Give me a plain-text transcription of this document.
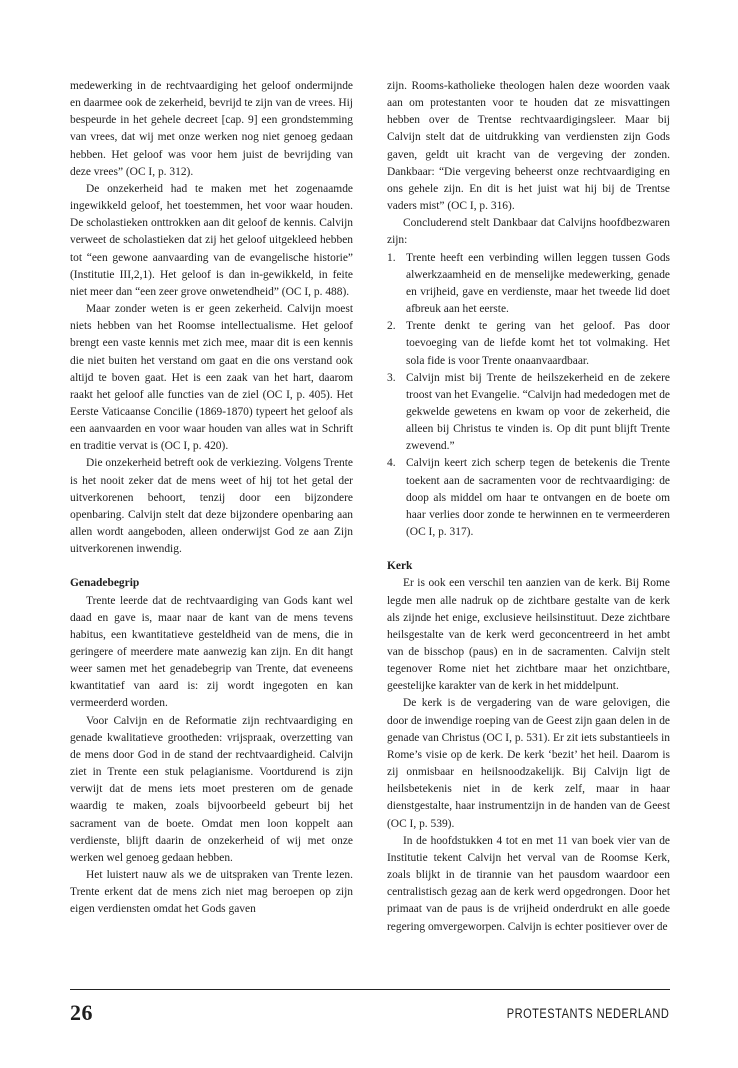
medewerking in de rechtvaardiging het geloof ondermijnde en daarmee ook de zekerheid, bevrijd te zijn van de vrees. Hij bespeurde in het gehele decreet [cap. 9] een grondstemming van vrees, dat wij met onze werken nog niet genoeg gedaan hebben. Het geloof was voor hem juist de bevrijding van deze vrees” (OC I, p. 312).

De onzekerheid had te maken met het zogenaamde ingewikkeld geloof, het toestemmen, het voor waar houden. De scholastieken onttrokken aan dit geloof de kennis. Calvijn verweet de scholastieken dat zij het geloof uitgekleed hebben tot “een gewone aanvaarding van de evangelische historie” (Institutie III,2,1). Het geloof is dan in-gewikkeld, in feite niet meer dan “een zeer grove onwetendheid” (OC I, p. 488).

Maar zonder weten is er geen zekerheid. Calvijn moest niets hebben van het Roomse intellectualisme. Het geloof brengt een vaste kennis met zich mee, maar dit is een kennis die niet buiten het verstand om gaat en die ons verstand ook altijd te boven gaat. Het is een zaak van het hart, daarom raakt het geloof alle functies van de ziel (OC I, p. 405). Het Eerste Vaticaanse Concilie (1869-1870) typeert het geloof als een aanvaarden en voor waar houden van alles wat in Schrift en traditie vervat is (OC I, p. 420).

Die onzekerheid betreft ook de verkiezing. Volgens Trente is het nooit zeker dat de mens weet of hij tot het getal der uitverkorenen behoort, tenzij door een bijzondere openbaring. Calvijn stelt dat deze bijzondere openbaring aan allen wordt aangeboden, alleen onderwijst God ze aan Zijn uitverkorenen inwendig.

Genadebegrip

Trente leerde dat de rechtvaardiging van Gods kant wel daad en gave is, maar naar de kant van de mens tevens habitus, een kwantitatieve gesteldheid van de mens, die in geringere of meerdere mate aanwezig kan zijn. En dit hangt weer samen met het genadebegrip van Trente, dat eveneens kwantitatief van aard is: zij wordt ingegoten en kan vermeerderd worden.

Voor Calvijn en de Reformatie zijn rechtvaardiging en genade kwalitatieve grootheden: vrijspraak, overzetting van de mens door God in de stand der rechtvaardigheid. Calvijn ziet in Trente een stuk pelagianisme. Voortdurend is zijn verwijt dat de mens iets moet presteren om de genade waardig te maken, zoals bijvoorbeeld gebeurt bij het sacrament van de boete. Omdat men loon koppelt aan verdienste, blijft daarin de onzekerheid of wij met onze werken wel genoeg gedaan hebben.

Het luistert nauw als we de uitspraken van Trente lezen. Trente erkent dat de mens zich niet mag beroepen op zijn eigen verdiensten omdat het Gods gaven

zijn. Rooms-katholieke theologen halen deze woorden vaak aan om protestanten voor te houden dat ze misvattingen hebben over de Trentse rechtvaardigingsleer. Maar bij Calvijn stelt dat de uitdrukking van verdiensten zijn Gods gaven, geldt uit kracht van de vergeving der zonden. Dankbaar: “Die vergeving beheerst onze rechtvaardiging en ons gehele zijn. En dit is het juist wat hij bij de Trentse vaders mist” (OC I, p. 316).

Concluderend stelt Dankbaar dat Calvijns hoofdbezwaren zijn:

1. Trente heeft een verbinding willen leggen tussen Gods alwerkzaamheid en de menselijke medewerking, genade en vrijheid, gave en verdienste, maar het tweede lid doet afbreuk aan het eerste.
2. Trente denkt te gering van het geloof. Pas door toevoeging van de liefde komt het tot volmaking. Het sola fide is voor Trente onaanvaardbaar.
3. Calvijn mist bij Trente de heilszekerheid en de zekere troost van het Evangelie. “Calvijn had mededogen met de gekwelde gewetens en kwam op voor de zekerheid, die alleen bij Christus te vinden is. Op dit punt blijft Trente zwevend.”
4. Calvijn keert zich scherp tegen de betekenis die Trente toekent aan de sacramenten voor de rechtvaardiging: de doop als middel om haar te ontvangen en de boete om haar verlies door zonde te herwinnen en te vermeerderen (OC I, p. 317).
Kerk

Er is ook een verschil ten aanzien van de kerk. Bij Rome legde men alle nadruk op de zichtbare gestalte van de kerk als zijnde het enige, exclusieve heilsinstituut. Deze zichtbare heilsgestalte van de kerk werd geconcentreerd in het ambt van de bisschop (paus) en in de sacramenten. Calvijn stelt tegenover Rome niet het zichtbare maar het onzichtbare, geestelijke karakter van de kerk in het middelpunt.

De kerk is de vergadering van de ware gelovigen, die door de inwendige roeping van de Geest zijn gaan delen in de genade van Christus (OC I, p. 531). Er zit iets substantieels in Rome’s visie op de kerk. De kerk ‘bezit’ het heil. Daarom is zij onmisbaar en heilsnoodzakelijk. Bij Calvijn ligt de heilsbetekenis niet in de kerk zelf, maar in haar dienstgestalte, haar instrumentzijn in de handen van de Geest (OC I, p. 539).

In de hoofdstukken 4 tot en met 11 van boek vier van de Institutie tekent Calvijn het verval van de Roomse Kerk, zoals blijkt in de tirannie van het pausdom waardoor een centralistisch gezag aan de kerk werd opgedrongen. Door het primaat van de paus is de vrijheid onderdrukt en alle goede regering omvergeworpen. Calvijn is echter positiever over de

26	PROTESTANTS NEDERLAND
